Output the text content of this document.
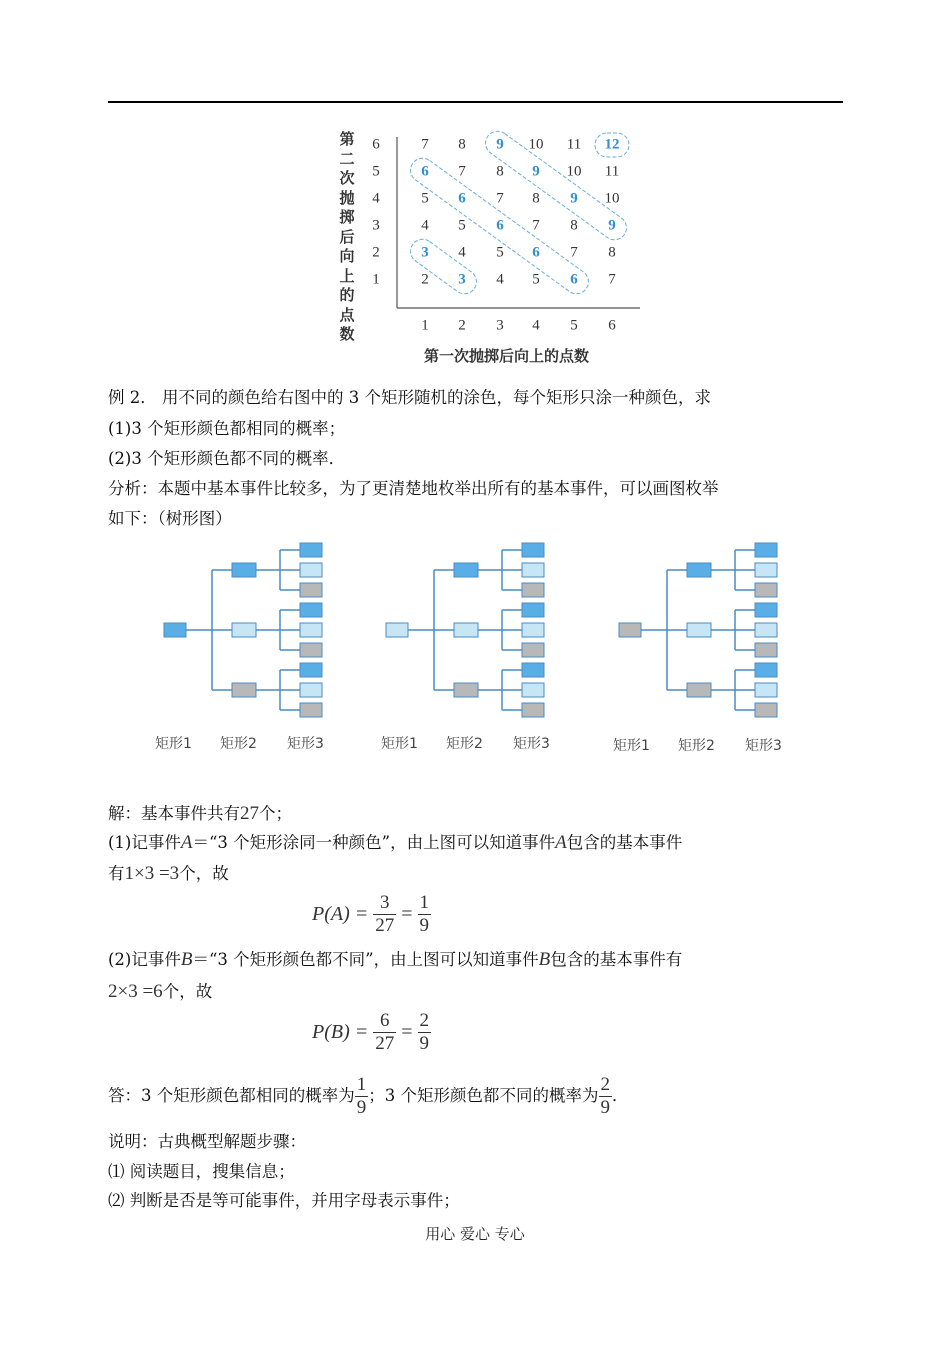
7 8 9 10 11 12
6 7 8 9 10 11
5 6 7 8 9 10
4 5 6 7 8 9
3 4 5 6 7 8
2 3 4 5 6 7
6
5
4
3
2
1
1 2 3 4 5 6
第二次抛掷后向上的点数
第一次抛掷后向上的点数
例 2． 用不同的颜色给右图中的 3 个矩形随机的涂色，每个矩形只涂一种颜色，求
(1)3 个矩形颜色都相同的概率；
(2)3 个矩形颜色都不同的概率．
分析：本题中基本事件比较多，为了更清楚地枚举出所有的基本事件，可以画图枚举
如下：（树形图）
矩形1 矩形2 矩形3	矩形1 矩形2 矩形3	矩形1 矩形2 矩形3
解：基本事件共有27个；
(1)记事件A＝“3 个矩形涂同一种颜色”，由上图可以知道事件A包含的基本事件
有1×3 =3个，故
$P(A) = \frac{3}{27} = \frac{1}{9}$
(2)记事件B＝“3 个矩形颜色都不同”，由上图可以知道事件B包含的基本事件有
2×3 =6个，故
$P(B) = \frac{6}{27} = \frac{2}{9}$
答：3 个矩形颜色都相同的概率为 $\frac{1}{9}$ ；3 个矩形颜色都不同的概率为 $\frac{2}{9}$ ．
说明：古典概型解题步骤：
⑴ 阅读题目，搜集信息；
⑵ 判断是否是等可能事件，并用字母表示事件；
用心 爱心 专心
